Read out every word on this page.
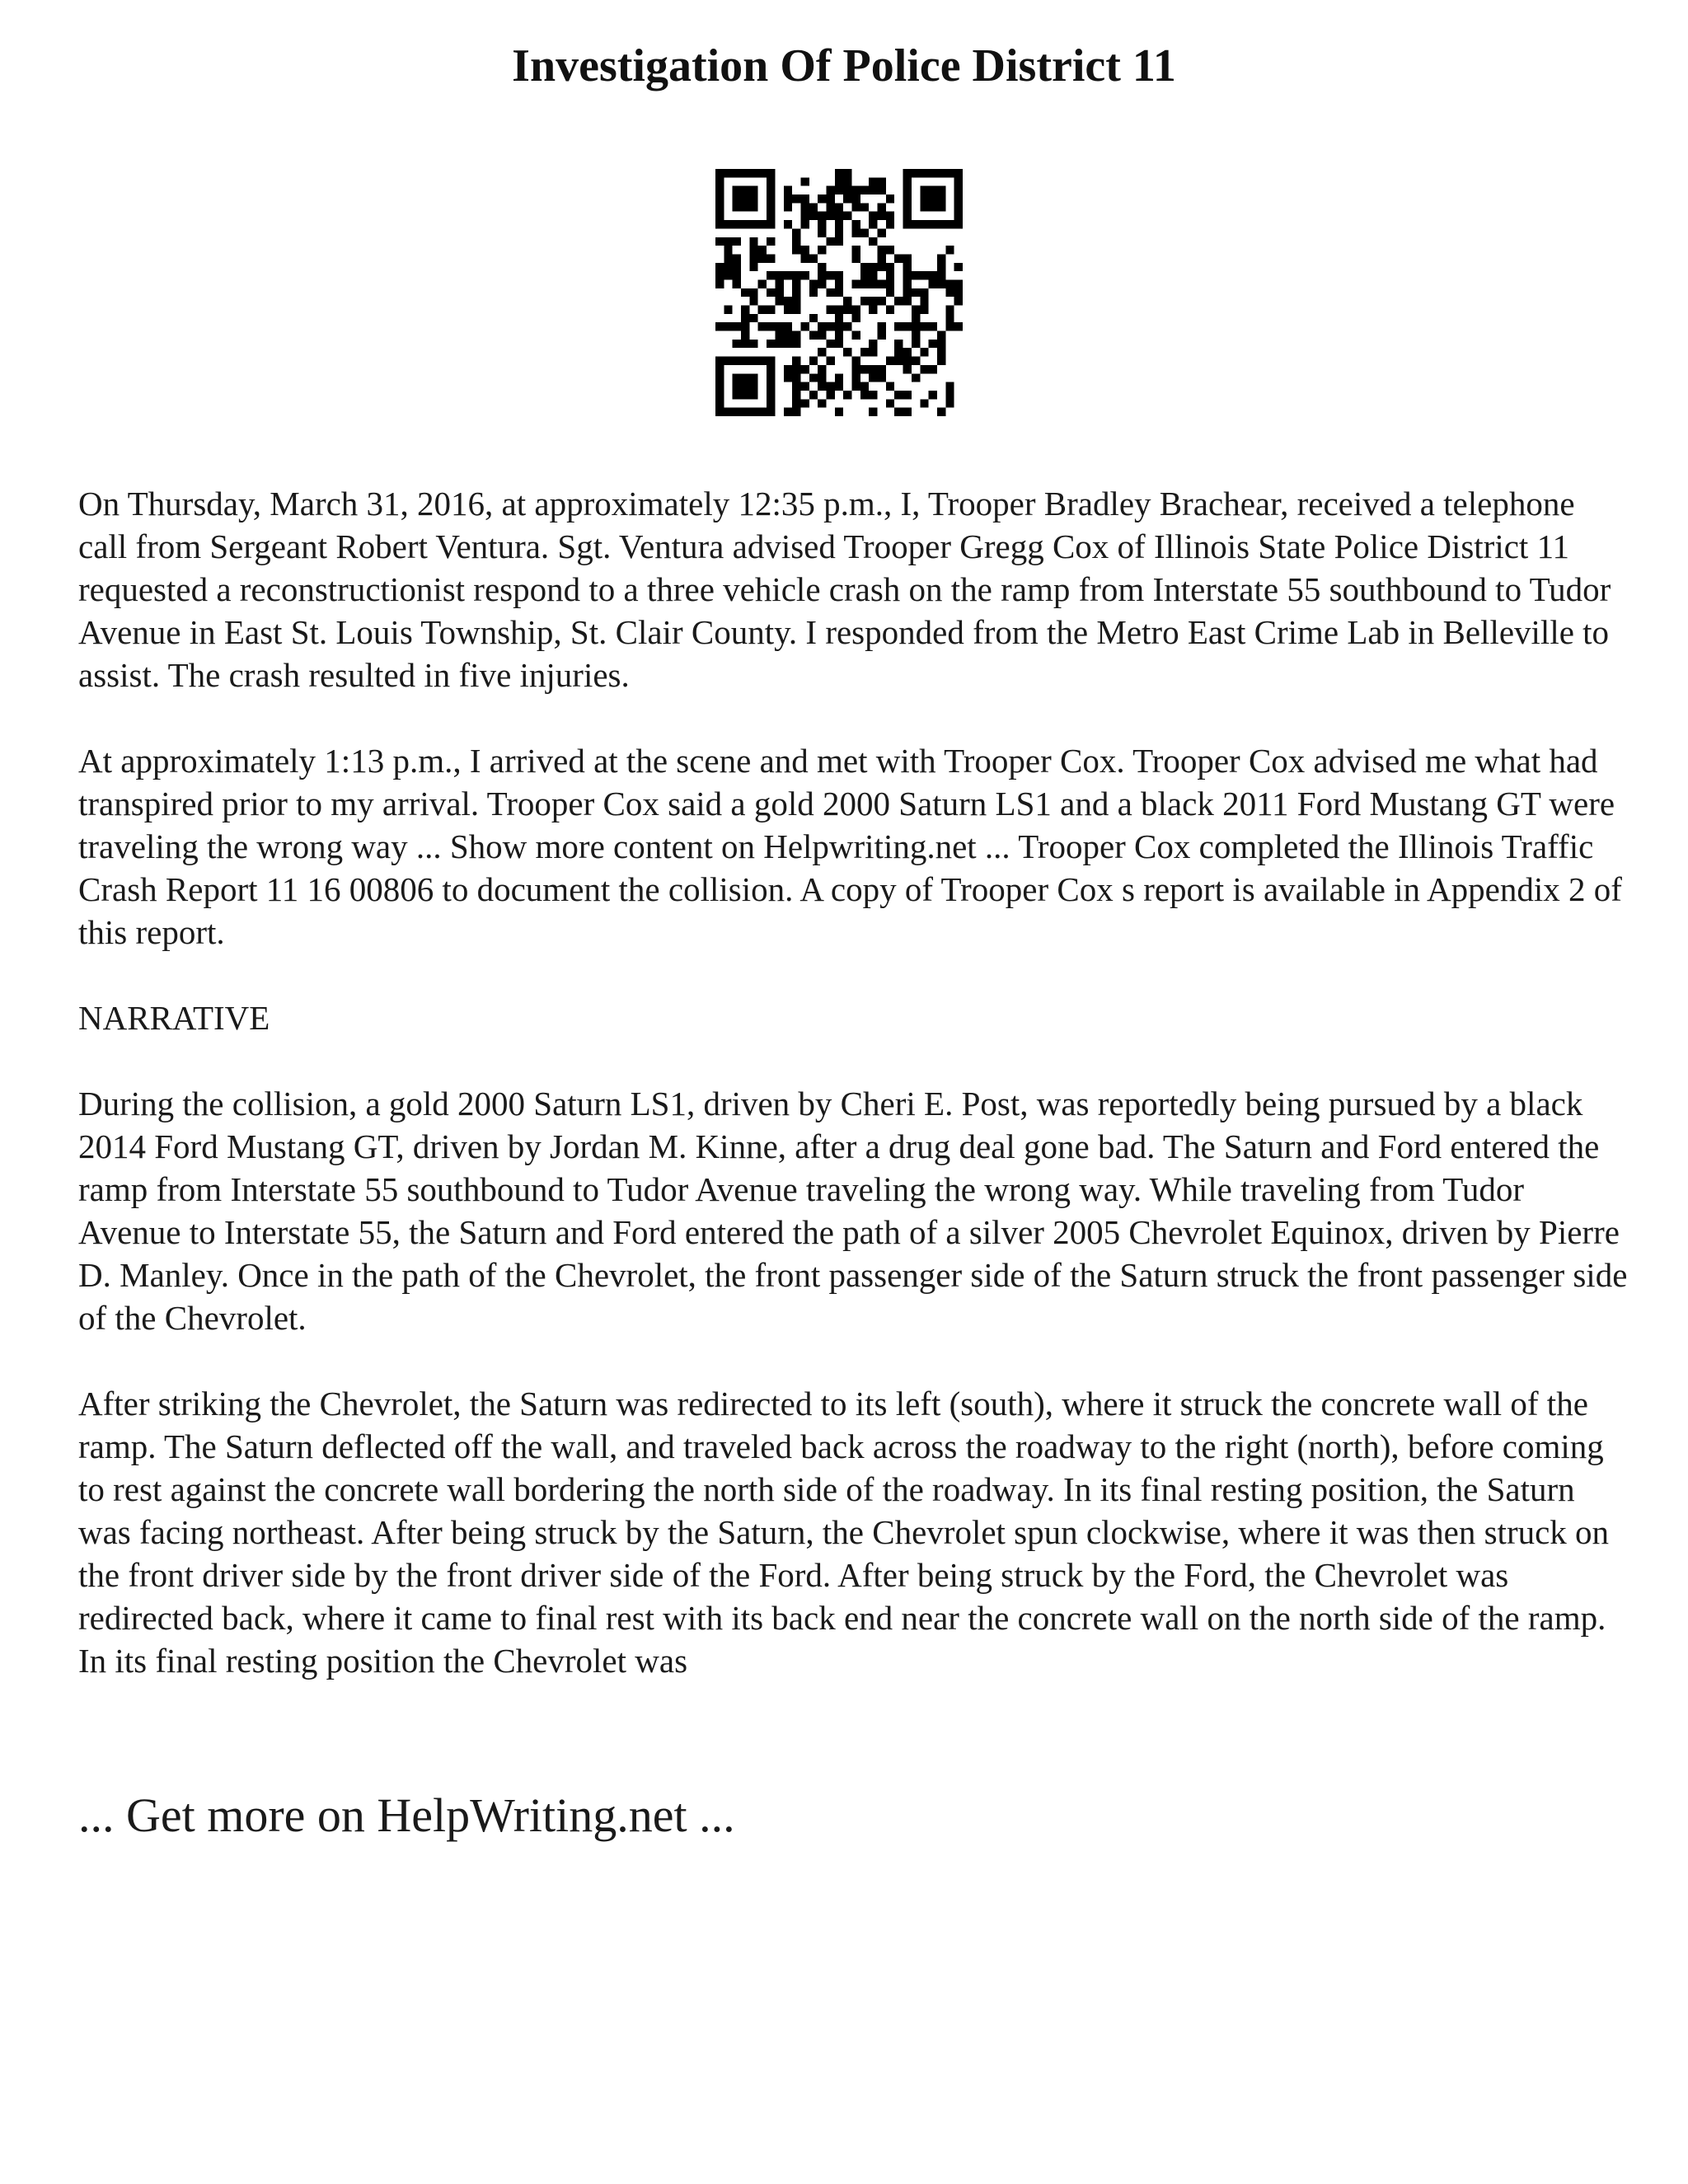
Investigation Of Police District 11

On Thursday, March 31, 2016, at approximately 12:35 p.m., I, Trooper Bradley Brachear, received a telephone call from Sergeant Robert Ventura. Sgt. Ventura advised Trooper Gregg Cox of Illinois State Police District 11 requested a reconstructionist respond to a three vehicle crash on the ramp from Interstate 55 southbound to Tudor Avenue in East St. Louis Township, St. Clair County. I responded from the Metro East Crime Lab in Belleville to assist. The crash resulted in five injuries.

At approximately 1:13 p.m., I arrived at the scene and met with Trooper Cox. Trooper Cox advised me what had transpired prior to my arrival. Trooper Cox said a gold 2000 Saturn LS1 and a black 2011 Ford Mustang GT were traveling the wrong way ... Show more content on Helpwriting.net ... Trooper Cox completed the Illinois Traffic Crash Report 11 16 00806 to document the collision. A copy of Trooper Cox s report is available in Appendix 2 of this report.

NARRATIVE

During the collision, a gold 2000 Saturn LS1, driven by Cheri E. Post, was reportedly being pursued by a black 2014 Ford Mustang GT, driven by Jordan M. Kinne, after a drug deal gone bad. The Saturn and Ford entered the ramp from Interstate 55 southbound to Tudor Avenue traveling the wrong way. While traveling from Tudor Avenue to Interstate 55, the Saturn and Ford entered the path of a silver 2005 Chevrolet Equinox, driven by Pierre D. Manley. Once in the path of the Chevrolet, the front passenger side of the Saturn struck the front passenger side of the Chevrolet.

After striking the Chevrolet, the Saturn was redirected to its left (south), where it struck the concrete wall of the ramp. The Saturn deflected off the wall, and traveled back across the roadway to the right (north), before coming to rest against the concrete wall bordering the north side of the roadway. In its final resting position, the Saturn was facing northeast. After being struck by the Saturn, the Chevrolet spun clockwise, where it was then struck on the front driver side by the front driver side of the Ford. After being struck by the Ford, the Chevrolet was redirected back, where it came to final rest with its back end near the concrete wall on the north side of the ramp. In its final resting position the Chevrolet was

... Get more on HelpWriting.net ...
